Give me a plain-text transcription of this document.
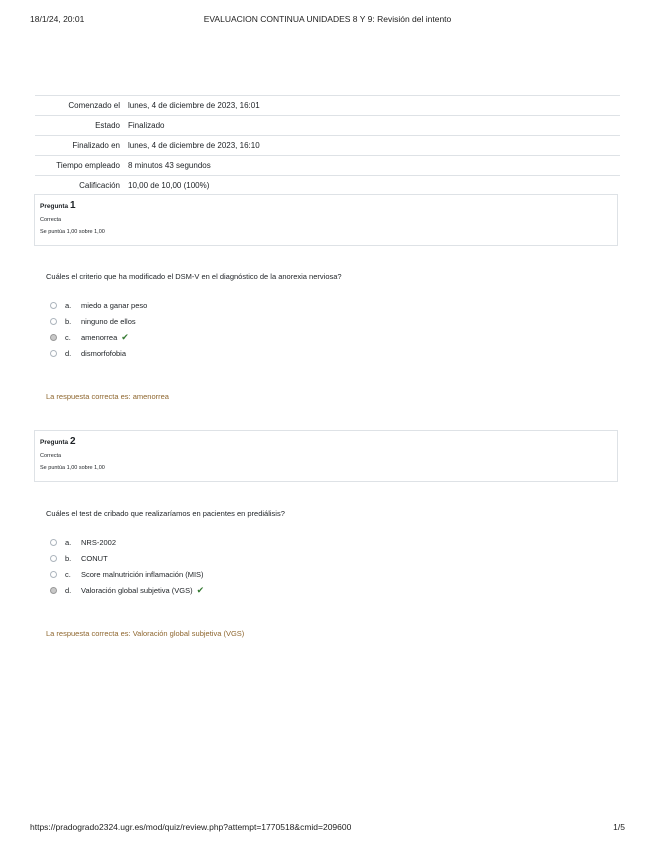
18/1/24, 20:01	EVALUACION CONTINUA UNIDADES 8 Y 9: Revisión del intento
Comenzado el	lunes, 4 de diciembre de 2023, 16:01
Estado	Finalizado
Finalizado en	lunes, 4 de diciembre de 2023, 16:10
Tiempo empleado	8 minutos 43 segundos
Calificación	10,00 de 10,00 (100%)
Pregunta 1
Correcta
Se puntúa 1,00 sobre 1,00
Cuáles el criterio que ha modificado el DSM-V en el diagnóstico de la anorexia nerviosa?
a.	miedo a ganar peso
b.	ninguno de ellos
c.	amenorrea ✔
d.	dismorfofobia
La respuesta correcta es: amenorrea
Pregunta 2
Correcta
Se puntúa 1,00 sobre 1,00
Cuáles el test de cribado que realizaríamos en pacientes en prediálisis?
a.	NRS-2002
b.	CONUT
c.	Score malnutrición inflamación (MIS)
d.	Valoración global subjetiva (VGS) ✔
La respuesta correcta es: Valoración global subjetiva (VGS)
https://pradogrado2324.ugr.es/mod/quiz/review.php?attempt=1770518&cmid=209600	1/5
